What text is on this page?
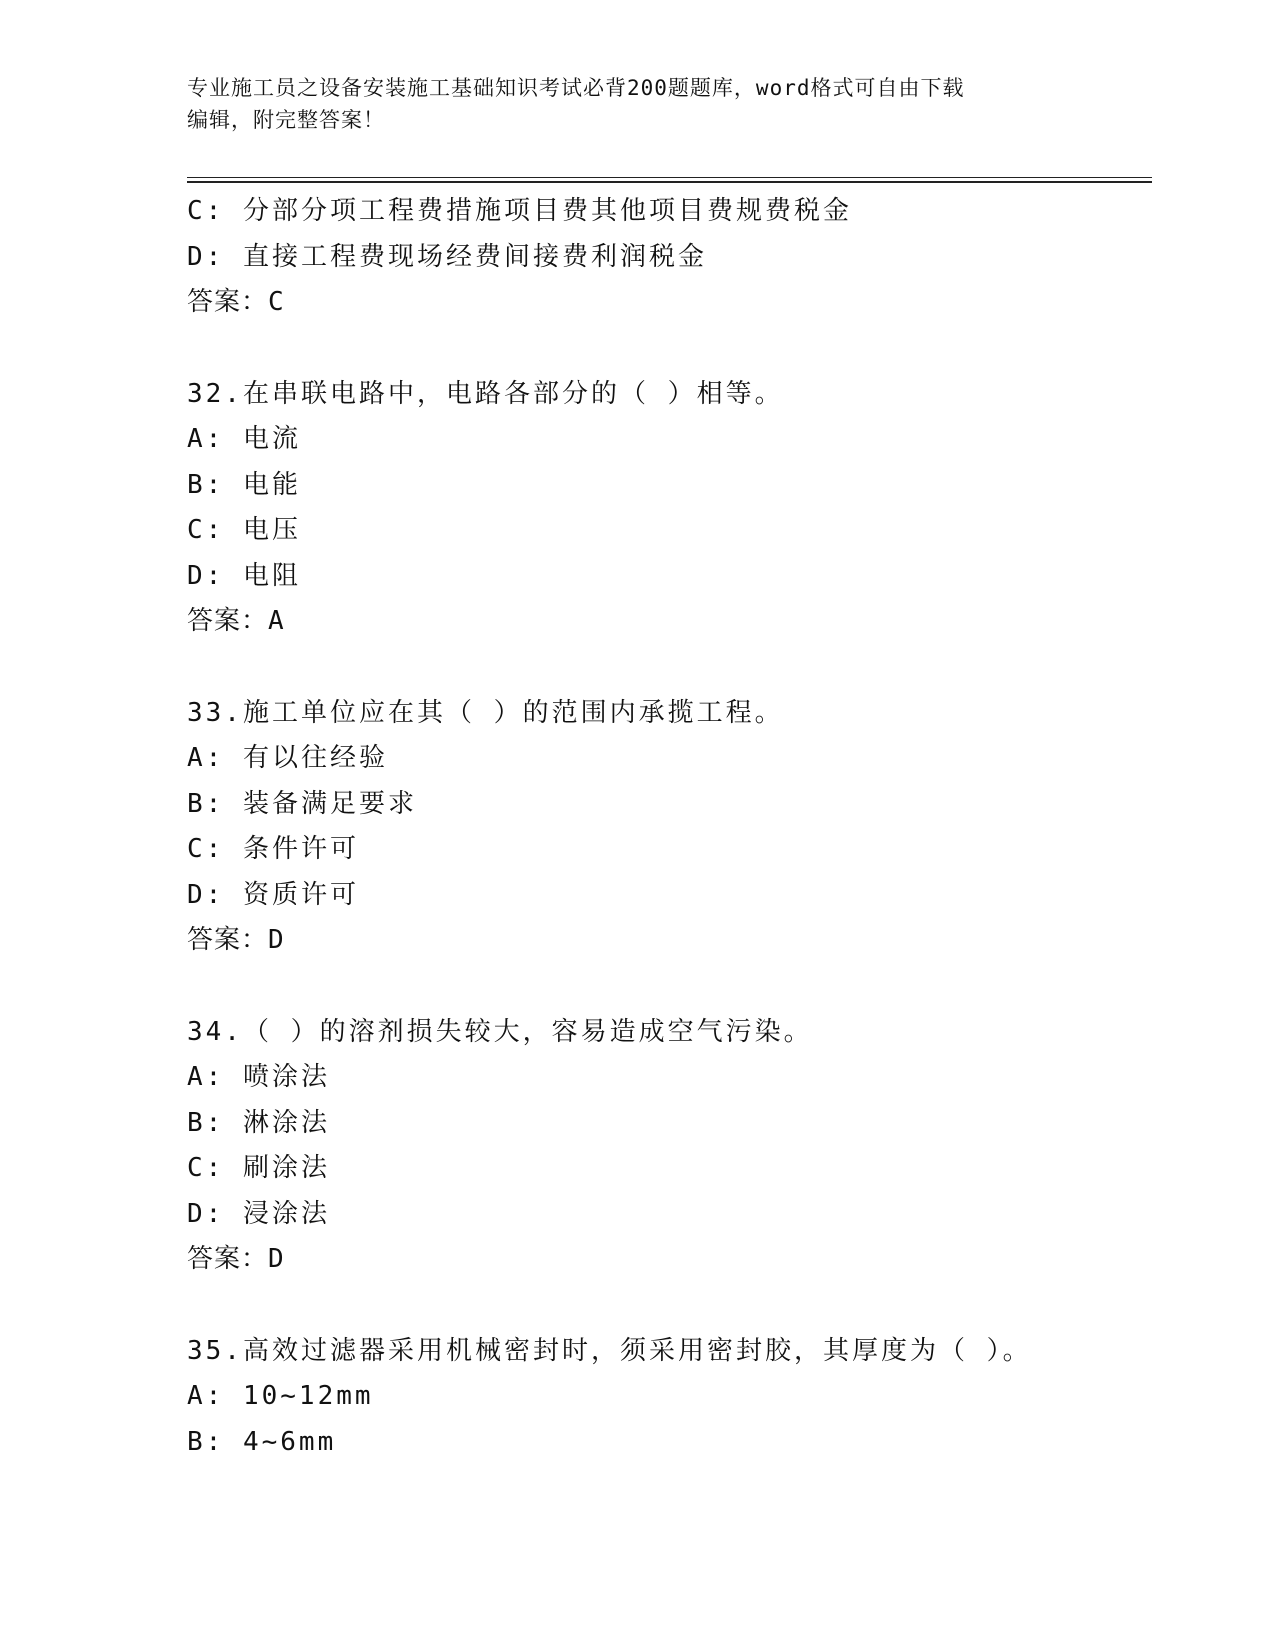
专业施工员之设备安装施工基础知识考试必背200题题库，word格式可自由下载
编辑，附完整答案！
C: 分部分项工程费措施项目费其他项目费规费税金
D: 直接工程费现场经费间接费利润税金
答案：C
32.在串联电路中，电路各部分的（ ）相等。
A: 电流
B: 电能
C: 电压
D: 电阻
答案：A
33.施工单位应在其（ ）的范围内承揽工程。
A: 有以往经验
B: 装备满足要求
C: 条件许可
D: 资质许可
答案：D
34.（ ）的溶剂损失较大，容易造成空气污染。
A: 喷涂法
B: 淋涂法
C: 刷涂法
D: 浸涂法
答案：D
35.高效过滤器采用机械密封时，须采用密封胶，其厚度为（ ）。
A: 10~12mm
B: 4~6mm
